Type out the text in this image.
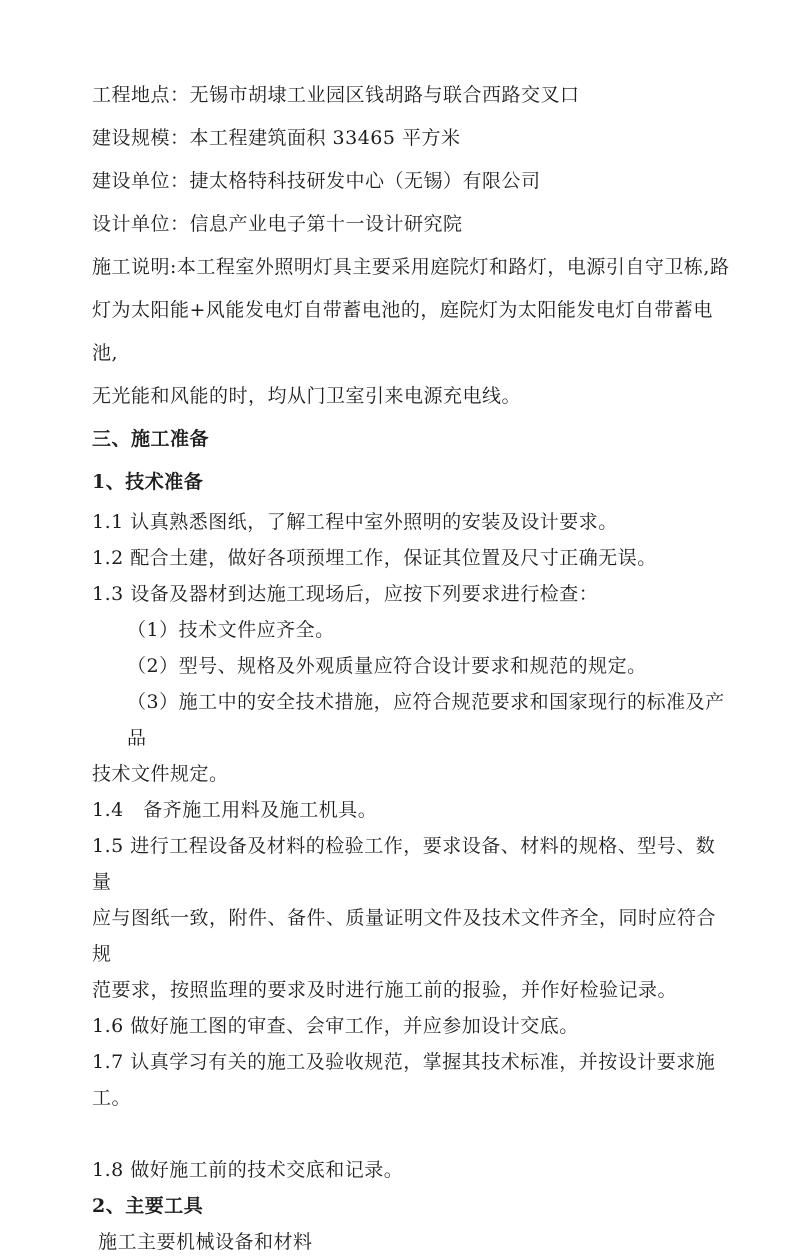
工程地点：无锡市胡埭工业园区钱胡路与联合西路交叉口
建设规模：本工程建筑面积 33465 平方米
建设单位：捷太格特科技研发中心（无锡）有限公司
设计单位：信息产业电子第十一设计研究院
施工说明:本工程室外照明灯具主要采用庭院灯和路灯，电源引自守卫栋,路
灯为太阳能+风能发电灯自带蓄电池的，庭院灯为太阳能发电灯自带蓄电池,
无光能和风能的时，均从门卫室引来电源充电线。
三、施工准备
1、技术准备
1.1 认真熟悉图纸，了解工程中室外照明的安装及设计要求。
1.2 配合土建，做好各项预埋工作，保证其位置及尺寸正确无误。
1.3 设备及器材到达施工现场后，应按下列要求进行检查：
（1）技术文件应齐全。
（2）型号、规格及外观质量应符合设计要求和规范的规定。
（3）施工中的安全技术措施，应符合规范要求和国家现行的标准及产品
技术文件规定。
1.4　备齐施工用料及施工机具。
1.5 进行工程设备及材料的检验工作，要求设备、材料的规格、型号、数量
应与图纸一致，附件、备件、质量证明文件及技术文件齐全，同时应符合规
范要求，按照监理的要求及时进行施工前的报验，并作好检验记录。
1.6 做好施工图的审查、会审工作，并应参加设计交底。
1.7 认真学习有关的施工及验收规范，掌握其技术标准，并按设计要求施工。
1.8 做好施工前的技术交底和记录。
2、主要工具
施工主要机械设备和材料
